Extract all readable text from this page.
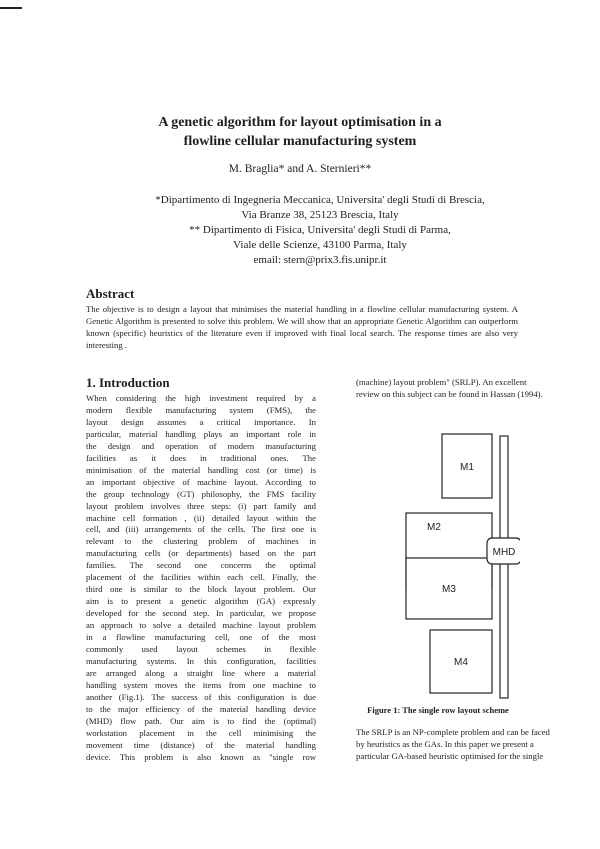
A genetic algorithm for layout optimisation in a
flowline cellular manufacturing system
M. Braglia* and A. Sternieri**
*Dipartimento di Ingegneria Meccanica, Universita' degli Studi di Brescia,
Via Branze 38, 25123 Brescia, Italy
** Dipartimento di Fisica, Universita' degli Studi di Parma,
Viale delle Scienze, 43100 Parma, Italy
email: stern@prix3.fis.unipr.it
Abstract
The objective is to design a layout that minimises the material handling in a flowline cellular manufacturing system. A Genetic Algorithm is presented to solve this problem. We will show that an appropriate Genetic Algorithm can outperform known (specific) heuristics of the literature even if improved with final local search. The response times are also very interesting .
1. Introduction
When considering the high investment required by a
modern flexible manufacturing system (FMS), the
layout design assumes a critical importance. In
particular, material handling plays an important role in
the design and operation of modern manufacturing
facilities as it does in traditional ones. The
minimisation of the material handling cost (or time) is
an important objective of machine layout. According to
the group technology (GT) philosophy, the FMS facility
layout problem involves three steps: (i) part family and
machine cell formation , (ii) detailed layout within the
cell, and (iii) arrangements of the cells. The first one is
relevant to the clustering problem of machines in
manufacturing cells (or departments) based on the part
families. The second one concerns the optimal
placement of the facilities within each cell. Finally, the
third one is similar to the block layout problem. Our
aim is to present a genetic algorithm (GA) expressly
developed for the second step. In particular, we propose
an approach to solve a detailed machine layout problem
in a flowline manufacturing cell, one of the most
commonly used layout schemes in flexible
manufacturing systems. In this configuration, facilities
are arranged along a straight line where a material
handling system moves the items from one machine to
another (Fig.1). The success of this configuration is due
to the major efficiency of the material handling device
(MHD) flow path. Our aim is to find the (optimal)
workstation placement in the cell minimising the
movement time (distance) of the material handling
device. This problem is also known as "single row
(machine) layout problem" (SRLP). An excellent
review on this subject can be found in Hassan (1994).
M1
M2
M3
M4
MHD
Figure 1: The single row layout scheme
The SRLP is an NP-complete problem and can be faced
by heuristics as the GAs. In this paper we present a
particular GA-based heuristic optimised for the single
